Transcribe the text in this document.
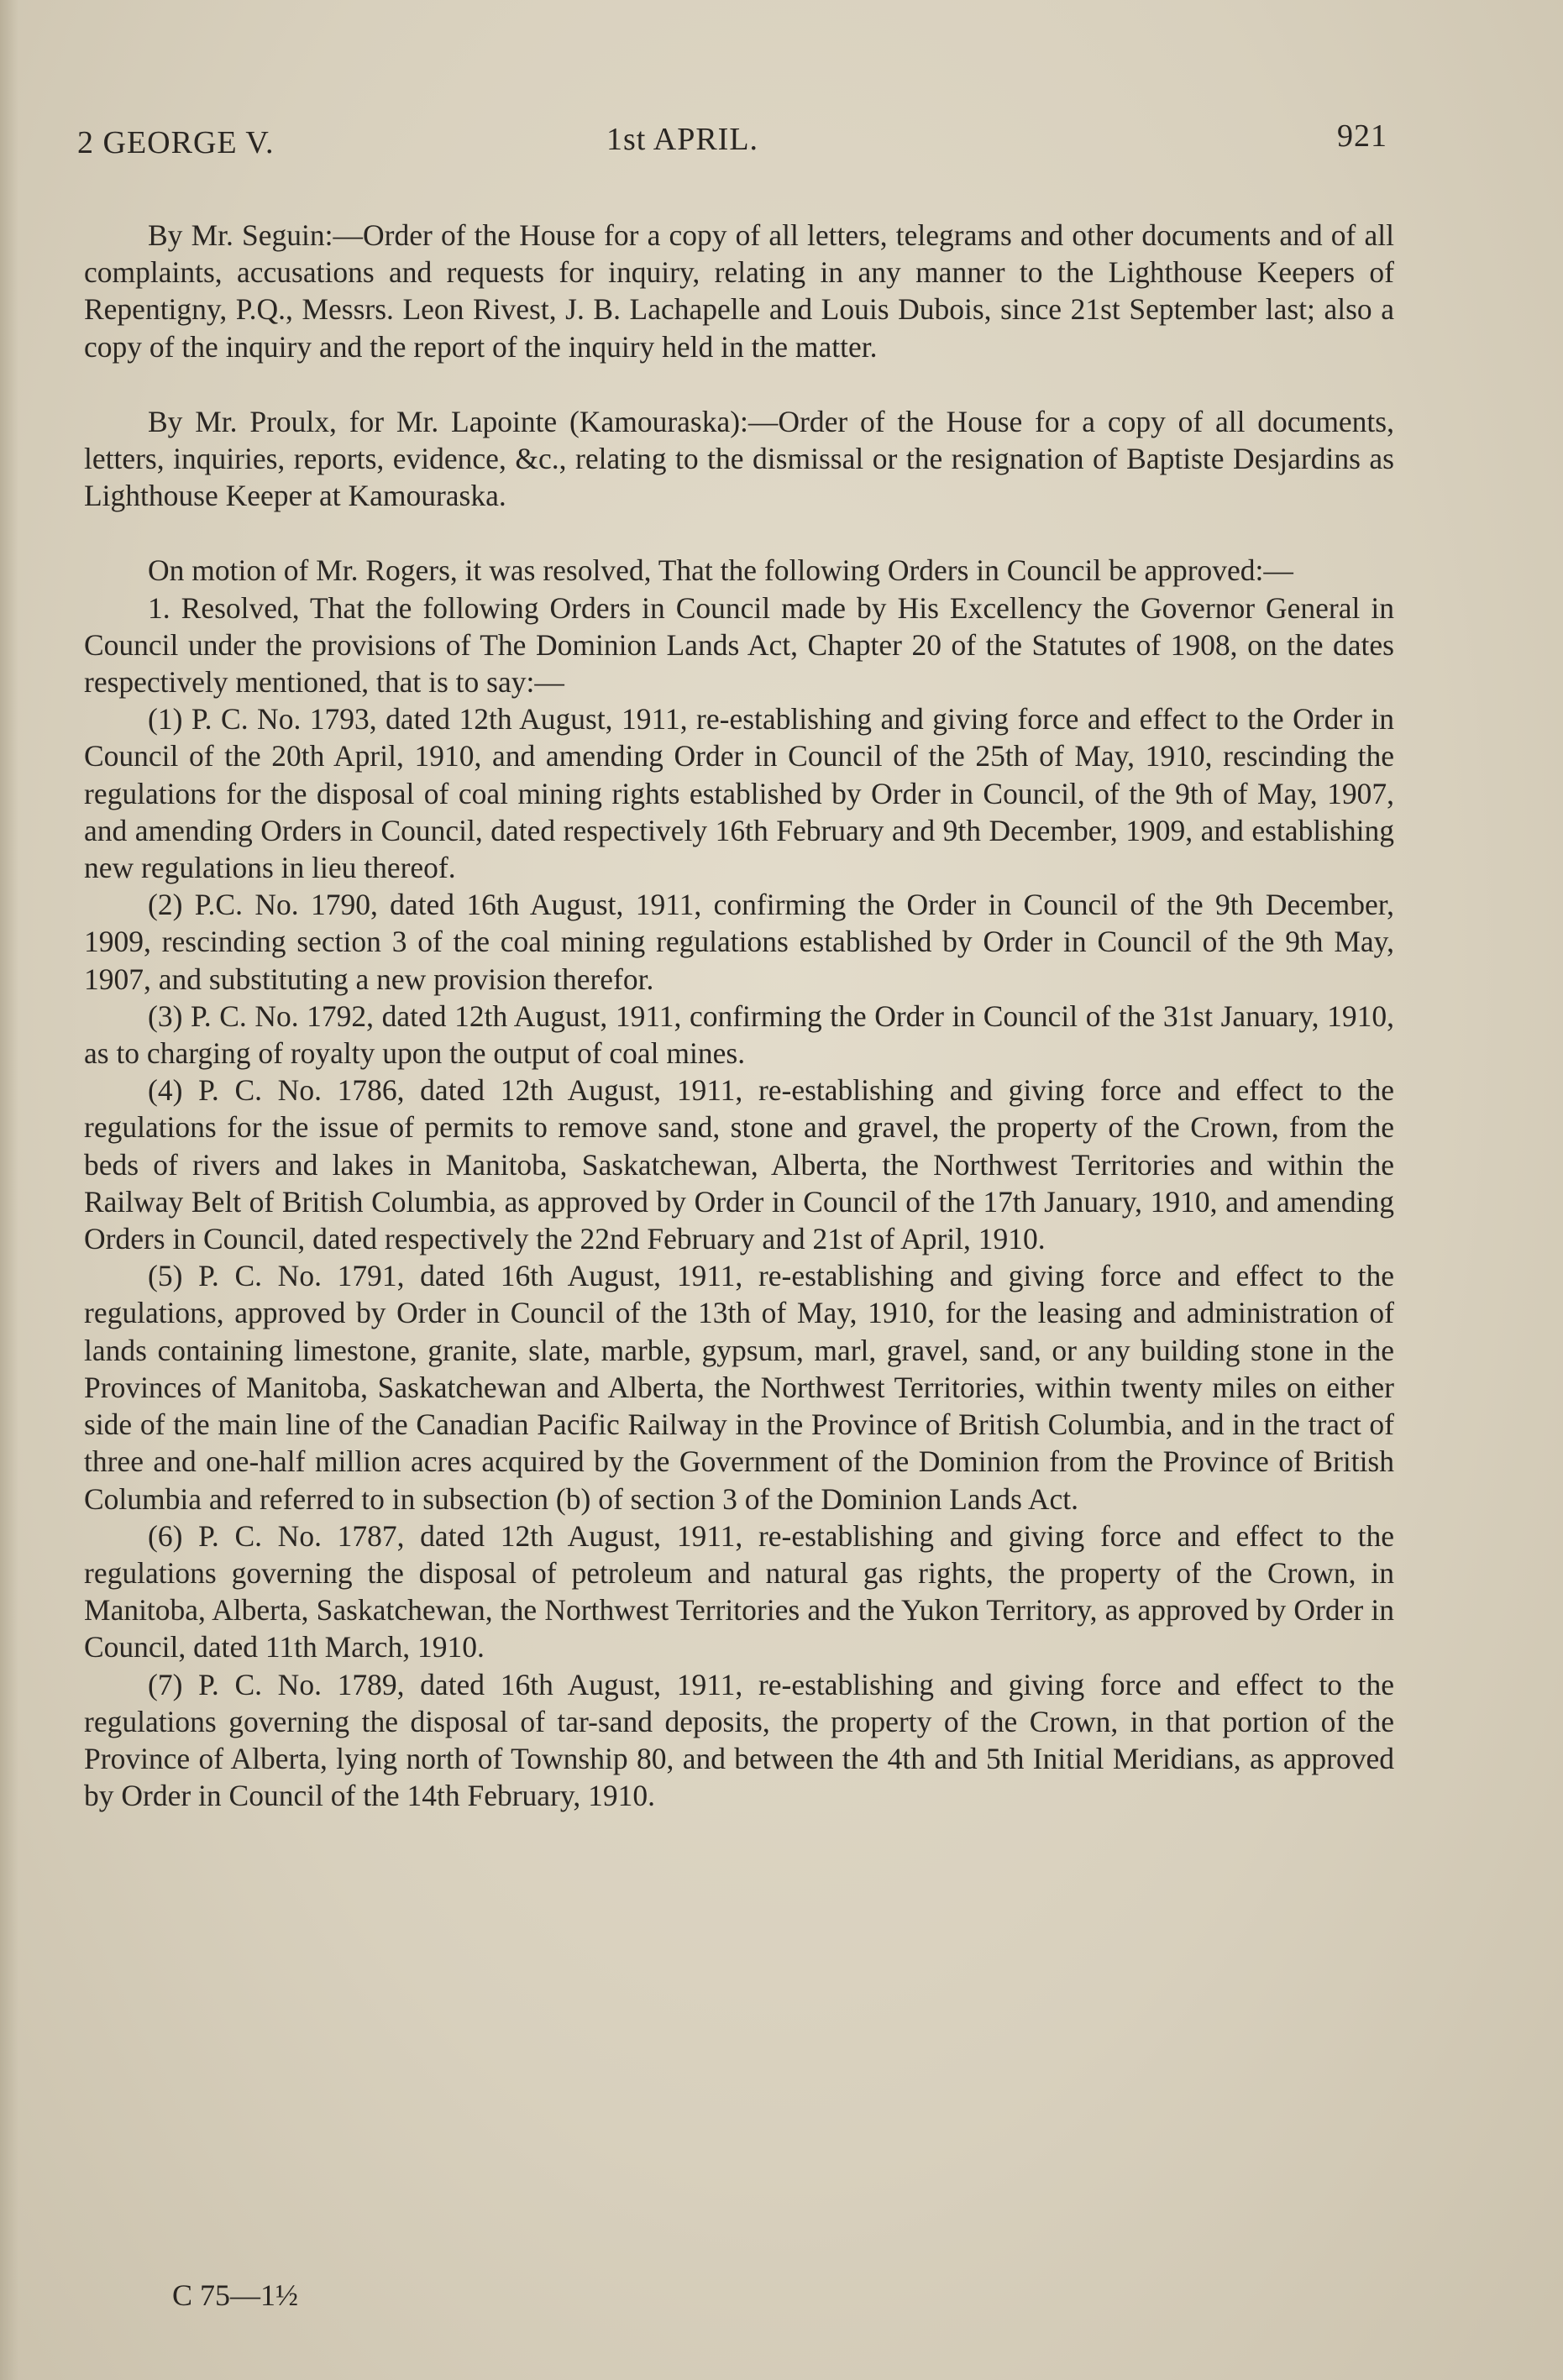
2 GEORGE V.	1st APRIL.	921

By Mr. Seguin:—Order of the House for a copy of all letters, telegrams and other documents and of all complaints, accusations and requests for inquiry, relating in any manner to the Lighthouse Keepers of Repentigny, P.Q., Messrs. Leon Rivest, J. B. Lachapelle and Louis Dubois, since 21st September last; also a copy of the inquiry and the report of the inquiry held in the matter.

By Mr. Proulx, for Mr. Lapointe (Kamouraska):—Order of the House for a copy of all documents, letters, inquiries, reports, evidence, &c., relating to the dismissal or the resignation of Baptiste Desjardins as Lighthouse Keeper at Kamouraska.

On motion of Mr. Rogers, it was resolved, That the following Orders in Council be approved:—

1. Resolved, That the following Orders in Council made by His Excellency the Governor General in Council under the provisions of The Dominion Lands Act, Chapter 20 of the Statutes of 1908, on the dates respectively mentioned, that is to say:—

(1) P. C. No. 1793, dated 12th August, 1911, re-establishing and giving force and effect to the Order in Council of the 20th April, 1910, and amending Order in Council of the 25th of May, 1910, rescinding the regulations for the disposal of coal mining rights established by Order in Council, of the 9th of May, 1907, and amending Orders in Council, dated respectively 16th February and 9th December, 1909, and establishing new regulations in lieu thereof.

(2) P.C. No. 1790, dated 16th August, 1911, confirming the Order in Council of the 9th December, 1909, rescinding section 3 of the coal mining regulations established by Order in Council of the 9th May, 1907, and substituting a new provision therefor.

(3) P. C. No. 1792, dated 12th August, 1911, confirming the Order in Council of the 31st January, 1910, as to charging of royalty upon the output of coal mines.

(4) P. C. No. 1786, dated 12th August, 1911, re-establishing and giving force and effect to the regulations for the issue of permits to remove sand, stone and gravel, the property of the Crown, from the beds of rivers and lakes in Manitoba, Saskatchewan, Alberta, the Northwest Territories and within the Railway Belt of British Columbia, as approved by Order in Council of the 17th January, 1910, and amending Orders in Council, dated respectively the 22nd February and 21st of April, 1910.

(5) P. C. No. 1791, dated 16th August, 1911, re-establishing and giving force and effect to the regulations, approved by Order in Council of the 13th of May, 1910, for the leasing and administration of lands containing limestone, granite, slate, marble, gypsum, marl, gravel, sand, or any building stone in the Provinces of Manitoba, Saskatchewan and Alberta, the Northwest Territories, within twenty miles on either side of the main line of the Canadian Pacific Railway in the Province of British Columbia, and in the tract of three and one-half million acres acquired by the Government of the Dominion from the Province of British Columbia and referred to in subsection (b) of section 3 of the Dominion Lands Act.

(6) P. C. No. 1787, dated 12th August, 1911, re-establishing and giving force and effect to the regulations governing the disposal of petroleum and natural gas rights, the property of the Crown, in Manitoba, Alberta, Saskatchewan, the Northwest Territories and the Yukon Territory, as approved by Order in Council, dated 11th March, 1910.

(7) P. C. No. 1789, dated 16th August, 1911, re-establishing and giving force and effect to the regulations governing the disposal of tar-sand deposits, the property of the Crown, in that portion of the Province of Alberta, lying north of Township 80, and between the 4th and 5th Initial Meridians, as approved by Order in Council of the 14th February, 1910.

C 75—1½
